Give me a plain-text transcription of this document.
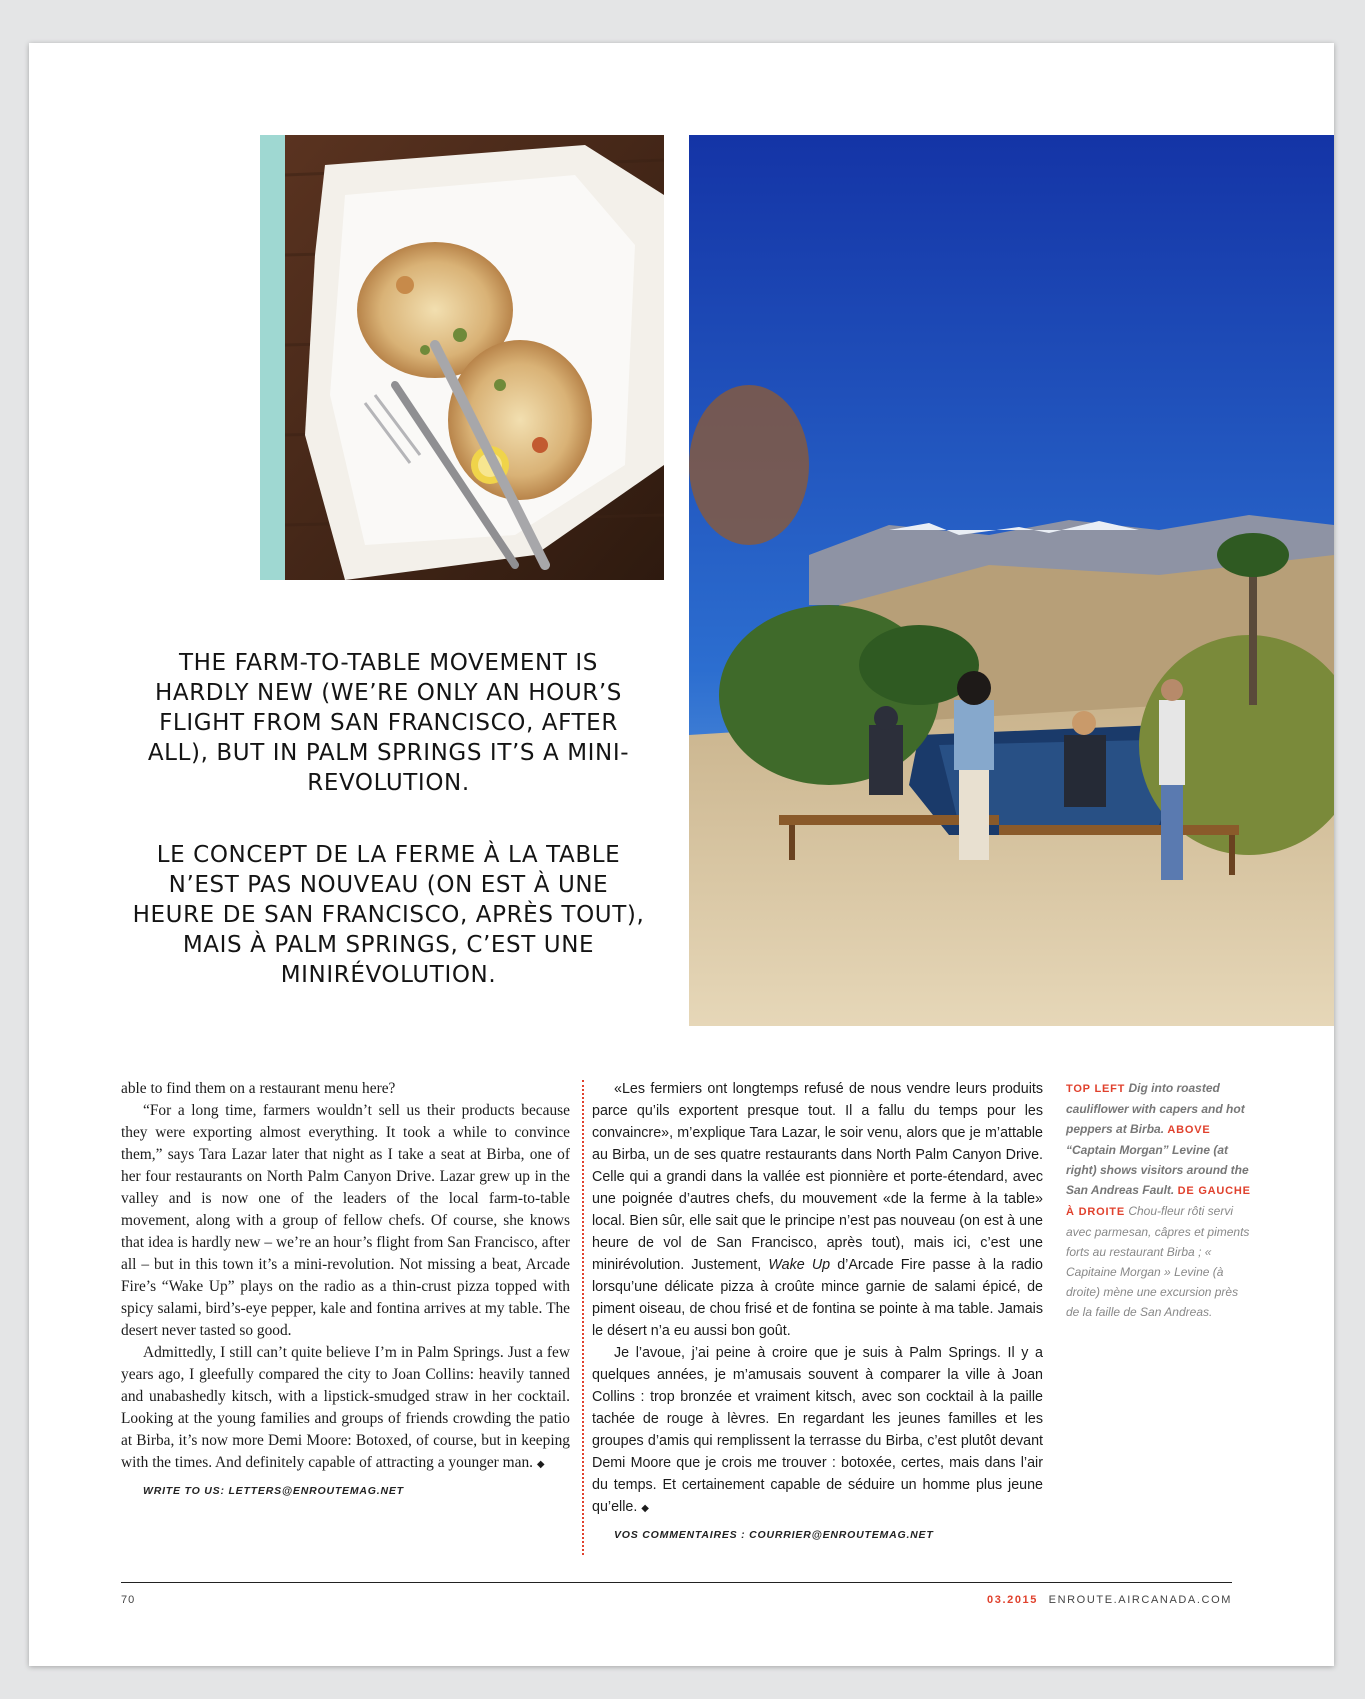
THE FARM-TO-TABLE MOVEMENT IS HARDLY NEW (WE’RE ONLY AN HOUR’S FLIGHT FROM SAN FRANCISCO, AFTER ALL), BUT IN PALM SPRINGS IT’S A MINI-REVOLUTION.
LE CONCEPT DE LA FERME À LA TABLE N’EST PAS NOUVEAU (ON EST À UNE HEURE DE SAN FRANCISCO, APRÈS TOUT), MAIS À PALM SPRINGS, C’EST UNE MINIRÉVOLUTION.

able to find them on a restaurant menu here?

“For a long time, farmers wouldn’t sell us their products because they were exporting almost everything. It took a while to convince them,” says Tara Lazar later that night as I take a seat at Birba, one of her four restaurants on North Palm Canyon Drive. Lazar grew up in the valley and is now one of the leaders of the local farm-to-table movement, along with a group of fellow chefs. Of course, she knows that idea is hardly new – we’re an hour’s flight from San Francisco, after all – but in this town it’s a mini-revolution. Not missing a beat, Arcade Fire’s “Wake Up” plays on the radio as a thin-crust pizza topped with spicy salami, bird’s-eye pepper, kale and fontina arrives at my table. The desert never tasted so good.

Admittedly, I still can’t quite believe I’m in Palm Springs. Just a few years ago, I gleefully compared the city to Joan Collins: heavily tanned and unabashedly kitsch, with a lipstick-smudged straw in her cocktail. Looking at the young families and groups of friends crowding the patio at Birba, it’s now more Demi Moore: Botoxed, of course, but in keeping with the times. And definitely capable of attracting a younger man. ◆

WRITE TO US: LETTERS@ENROUTEMAG.NET

«Les fermiers ont longtemps refusé de nous vendre leurs produits parce qu’ils exportent presque tout. Il a fallu du temps pour les convaincre», m’explique Tara Lazar, le soir venu, alors que je m’attable au Birba, un de ses quatre restaurants dans North Palm Canyon Drive. Celle qui a grandi dans la vallée est pionnière et porte-étendard, avec une poignée d’autres chefs, du mouvement «de la ferme à la table» local. Bien sûr, elle sait que le principe n’est pas nouveau (on est à une heure de vol de San Francisco, après tout), mais ici, c’est une minirévolution. Justement, Wake Up d’Arcade Fire passe à la radio lorsqu’une délicate pizza à croûte mince garnie de salami épicé, de piment oiseau, de chou frisé et de fontina se pointe à ma table. Jamais le désert n’a eu aussi bon goût.

Je l’avoue, j’ai peine à croire que je suis à Palm Springs. Il y a quelques années, je m’amusais souvent à comparer la ville à Joan Collins : trop bronzée et vraiment kitsch, avec son cocktail à la paille tachée de rouge à lèvres. En regardant les jeunes familles et les groupes d’amis qui remplissent la terrasse du Birba, c’est plutôt devant Demi Moore que je crois me trouver : botoxée, certes, mais dans l’air du temps. Et certainement capable de séduire un homme plus jeune qu’elle. ◆

VOS COMMENTAIRES : COURRIER@ENROUTEMAG.NET

TOP LEFT Dig into roasted cauliflower with capers and hot peppers at Birba. ABOVE “Captain Morgan” Levine (at right) shows visitors around the San Andreas Fault. DE GAUCHE À DROITE Chou-fleur rôti servi avec parmesan, câpres et piments forts au restaurant Birba ; « Capitaine Morgan » Levine (à droite) mène une excursion près de la faille de San Andreas.
70	03.2015 ENROUTE.AIRCANADA.COM
